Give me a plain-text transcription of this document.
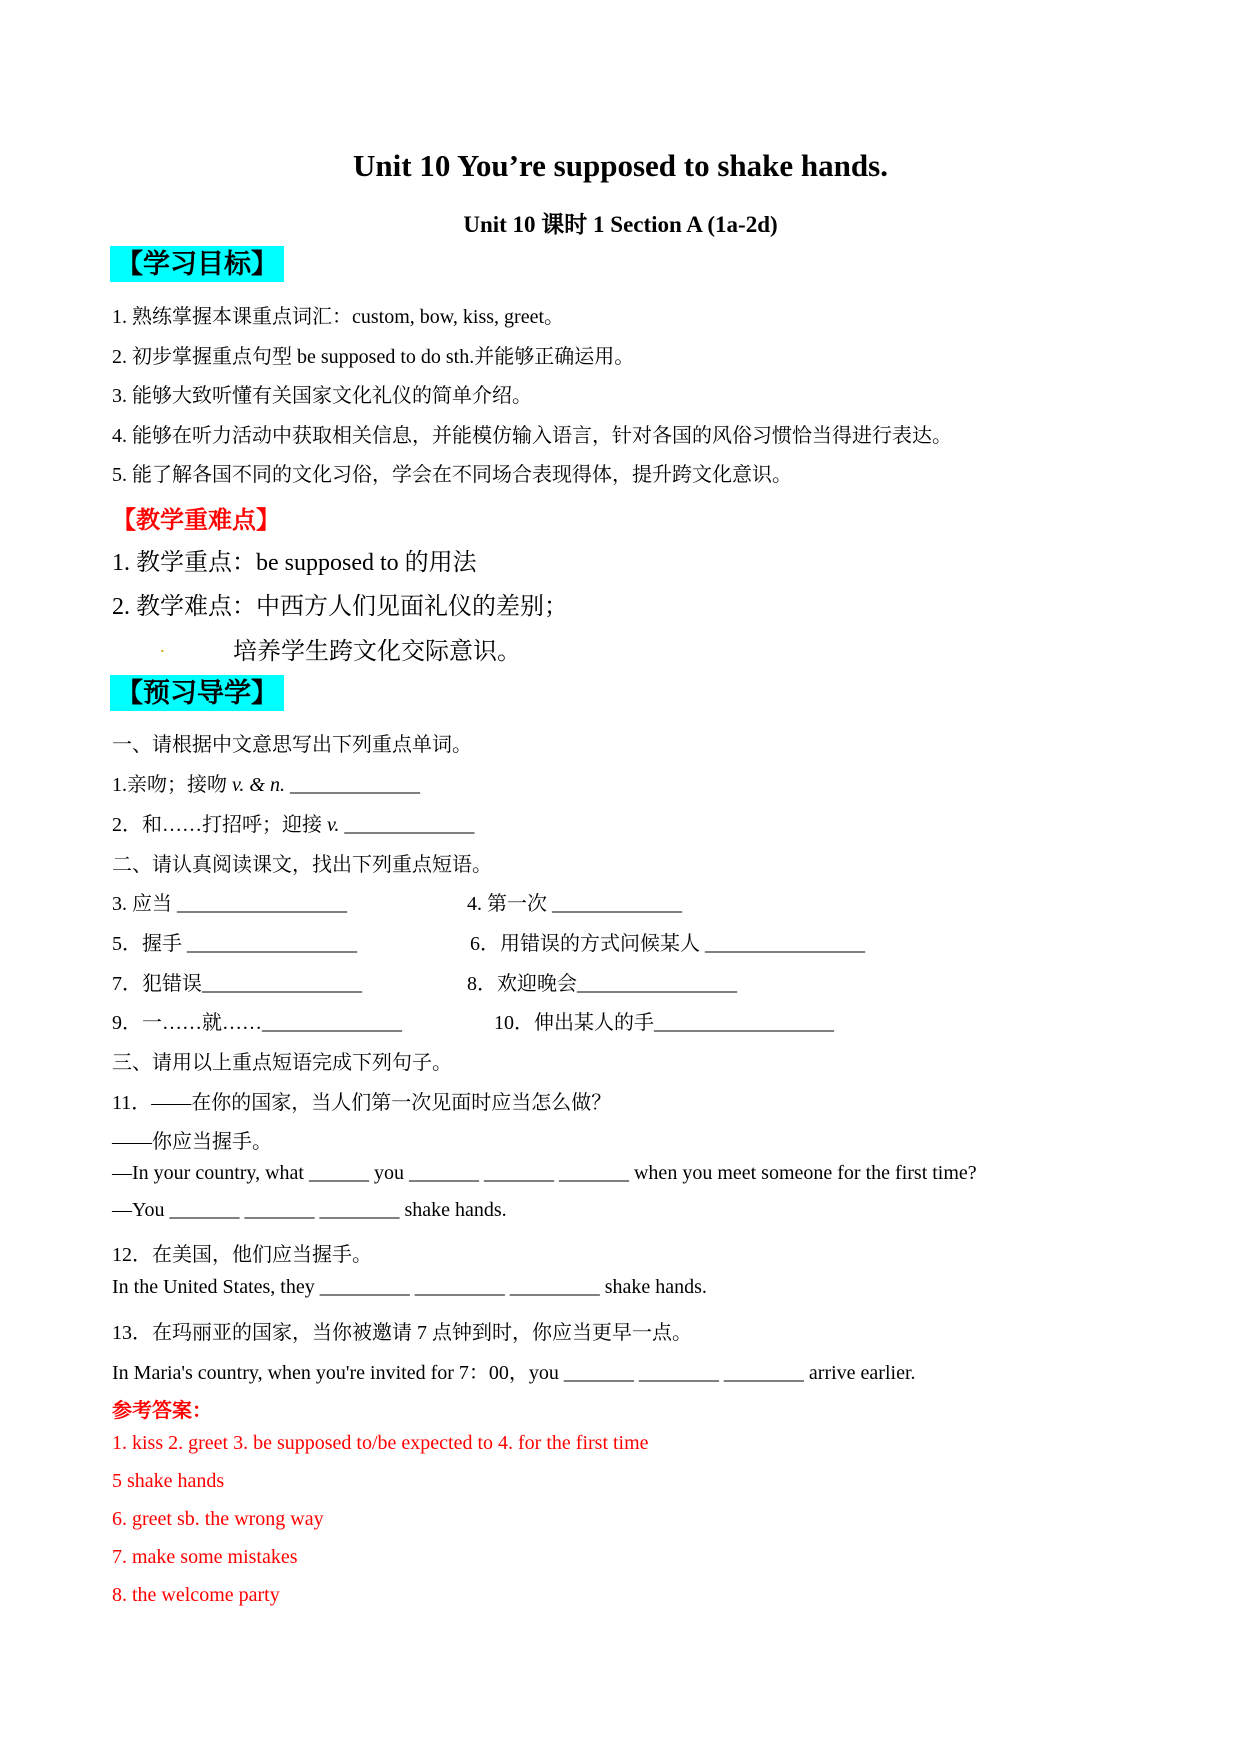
Unit 10 You’re supposed to shake hands.
Unit 10 课时 1 Section A (1a-2d)
【学习目标】
1. 熟练掌握本课重点词汇：custom, bow, kiss, greet。
2. 初步掌握重点句型 be supposed to do sth.并能够正确运用。
3. 能够大致听懂有关国家文化礼仪的简单介绍。
4. 能够在听力活动中获取相关信息，并能模仿输入语言，针对各国的风俗习惯恰当得进行表达。
5. 能了解各国不同的文化习俗，学会在不同场合表现得体，提升跨文化意识。
【教学重难点】
1. 教学重点：be supposed to 的用法
2. 教学难点：中西方人们见面礼仪的差别；
.	培养学生跨文化交际意识。
【预习导学】
一、请根据中文意思写出下列重点单词。
1.亲吻；接吻 v. & n. _____________
2．和……打招呼；迎接 v. _____________
二、请认真阅读课文，找出下列重点短语。
3. 应当 _________________	4. 第一次 _____________
5．握手 _________________	6．用错误的方式问候某人 ________________
7．犯错误________________	8．欢迎晚会________________
9．一……就……______________	10．伸出某人的手__________________
三、请用以上重点短语完成下列句子。
11．——在你的国家，当人们第一次见面时应当怎么做？
——你应当握手。
—In your country, what ______ you _______ _______ _______ when you meet someone for the first time?
—You _______ _______ ________ shake hands.
12．在美国，他们应当握手。
In the United States, they _________ _________ _________ shake hands.
13．在玛丽亚的国家，当你被邀请 7 点钟到时，你应当更早一点。
In Maria's country, when you're invited for 7：00，you _______ ________ ________ arrive earlier.
参考答案：
1. kiss 2. greet 3. be supposed to/be expected to 4. for the first time
5 shake hands
6. greet sb. the wrong way
7. make some mistakes
8. the welcome party
